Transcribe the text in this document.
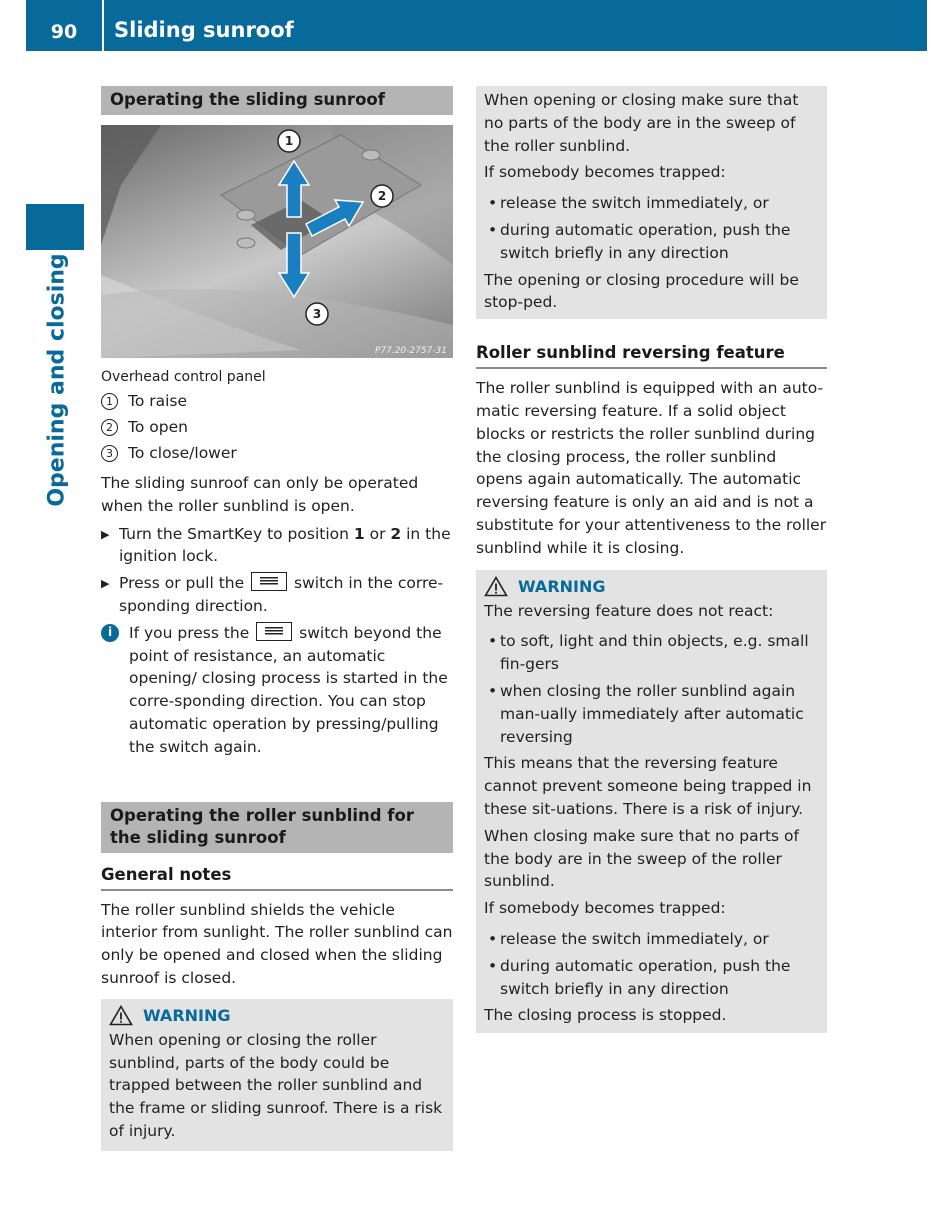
90	Sliding sunroof
Opening and closing
Operating the sliding sunroof
1
2
3
P77.20-2757-31
Overhead control panel
1 To raise
2 To open
3 To close/lower

The sliding sunroof can only be operated when the roller sunblind is open.

▶ Turn the SmartKey to position 1 or 2 in the ignition lock.
▶ Press or pull the	switch in the corre-sponding direction.
i	If you press the	switch beyond the point of resistance, an automatic opening/ closing process is started in the corre-sponding direction. You can stop automatic operation by pressing/pulling the switch again.
Operating the roller sunblind for the sliding sunroof
General notes

The roller sunblind shields the vehicle interior from sunlight. The roller sunblind can only be opened and closed when the sliding sunroof is closed.

WARNING

When opening or closing the roller sunblind, parts of the body could be trapped between the roller sunblind and the frame or sliding sunroof. There is a risk of injury.

When opening or closing make sure that no parts of the body are in the sweep of the roller sunblind.

If somebody becomes trapped:

• release the switch immediately, or
• during automatic operation, push the switch briefly in any direction

The opening or closing procedure will be stop-ped.

Roller sunblind reversing feature

The roller sunblind is equipped with an auto-matic reversing feature. If a solid object blocks or restricts the roller sunblind during the closing process, the roller sunblind opens again automatically. The automatic reversing feature is only an aid and is not a substitute for your attentiveness to the roller sunblind while it is closing.

WARNING

The reversing feature does not react:

• to soft, light and thin objects, e.g. small fin-gers
• when closing the roller sunblind again man-ually immediately after automatic reversing

This means that the reversing feature cannot prevent someone being trapped in these sit-uations. There is a risk of injury.

When closing make sure that no parts of the body are in the sweep of the roller sunblind.

If somebody becomes trapped:

• release the switch immediately, or
• during automatic operation, push the switch briefly in any direction

The closing process is stopped.
